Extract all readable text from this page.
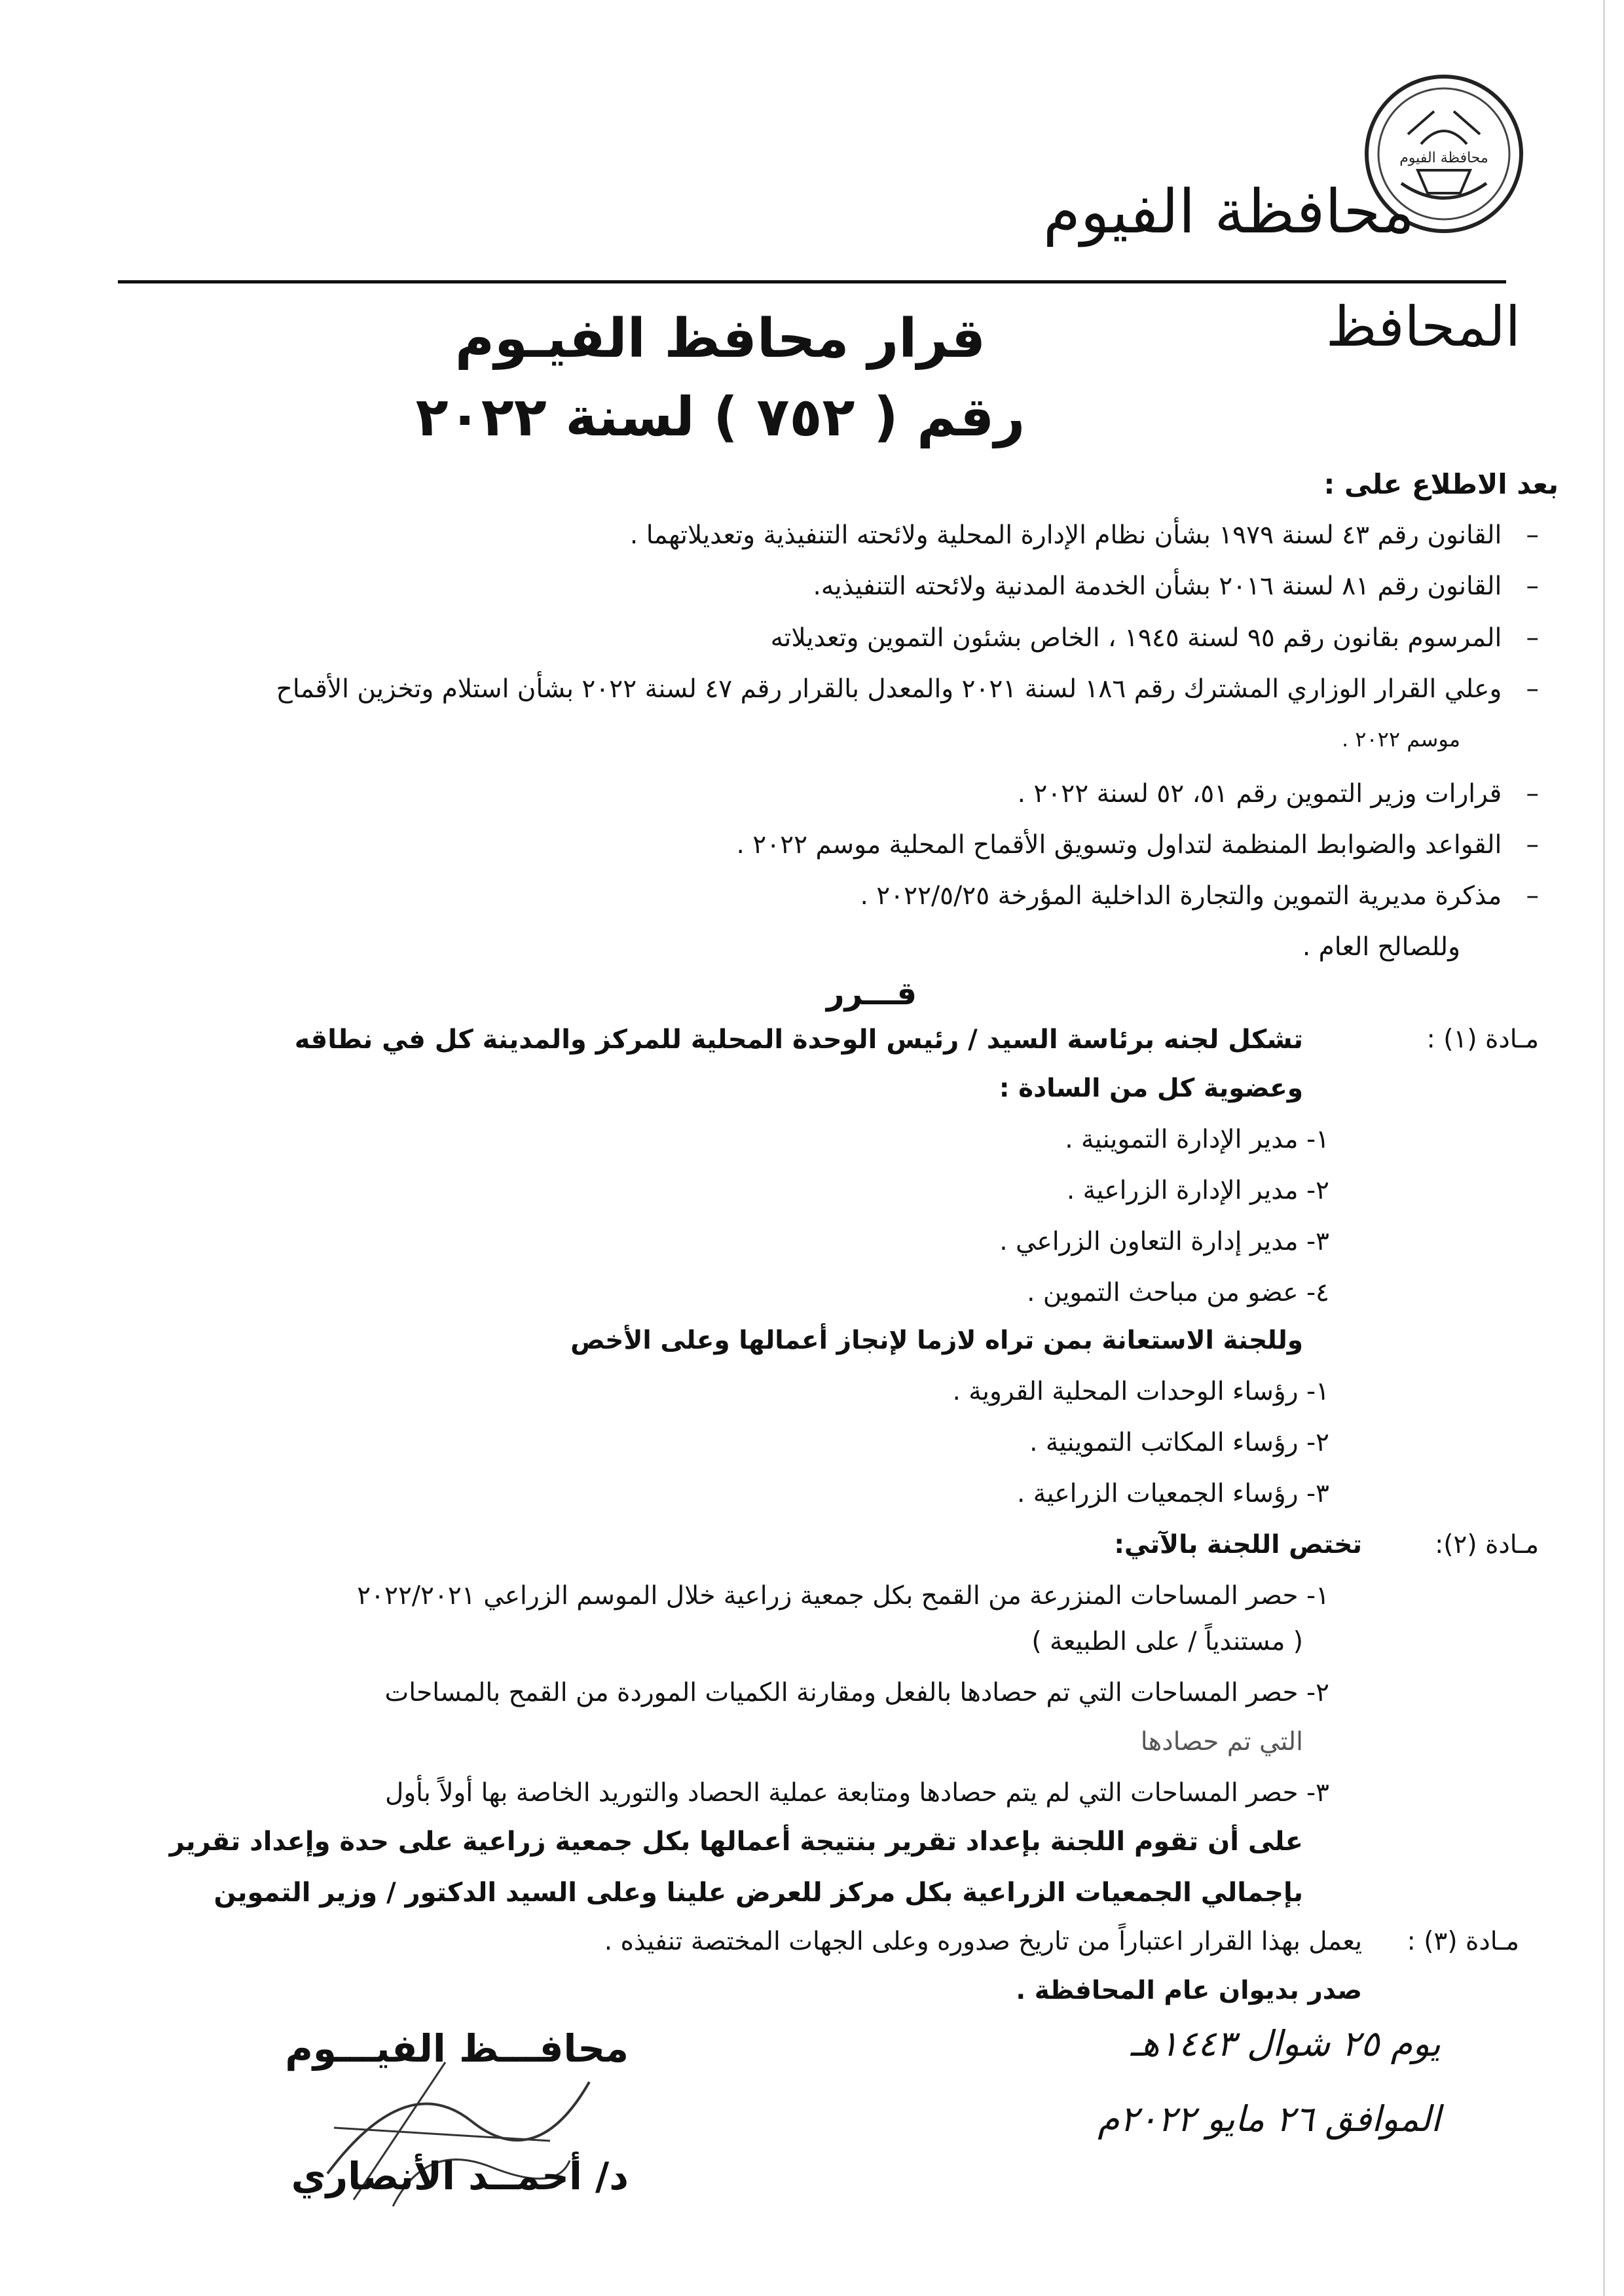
محافظة الفيوم
محافظة الفيوم
المحافظ
قرار محافظ الفيـوم
رقم ( ٧٥٢ ) لسنة ٢٠٢٢
بعد الاطلاع على :
–   القانون رقم ٤٣ لسنة ١٩٧٩ بشأن نظام الإدارة المحلية ولائحته التنفيذية وتعديلاتهما .
–   القانون رقم ٨١ لسنة ٢٠١٦ بشأن الخدمة المدنية ولائحته التنفيذيه.
–   المرسوم بقانون رقم ٩٥ لسنة ١٩٤٥ ، الخاص بشئون التموين وتعديلاته
–   وعلي القرار الوزاري المشترك رقم ١٨٦ لسنة ٢٠٢١ والمعدل بالقرار رقم ٤٧ لسنة ٢٠٢٢ بشأن استلام وتخزين الأقماح
موسم ٢٠٢٢ .
–   قرارات وزير التموين رقم ٥١، ٥٢ لسنة ٢٠٢٢ .
–   القواعد والضوابط المنظمة لتداول وتسويق الأقماح المحلية موسم ٢٠٢٢ .
–   مذكرة مديرية التموين والتجارة الداخلية المؤرخة ٢٠٢٢/٥/٢٥ .
وللصالح العام .
قـــرر
مـادة (١) :
تشكل لجنه برئاسة السيد / رئيس الوحدة المحلية للمركز والمدينة كل في نطاقه
وعضوية كل من السادة :
١- مدير الإدارة التموينية .
٢- مدير الإدارة الزراعية .
٣- مدير إدارة التعاون الزراعي .
٤- عضو من مباحث التموين .
وللجنة الاستعانة بمن تراه لازما لإنجاز أعمالها وعلى الأخص
١- رؤساء الوحدات المحلية القروية .
٢- رؤساء المكاتب التموينية .
٣- رؤساء الجمعيات الزراعية .
مـادة (٢):
تختص اللجنة بالآتي:
١- حصر المساحات المنزرعة من القمح بكل جمعية زراعية خلال الموسم الزراعي ٢٠٢٢/٢٠٢١
( مستندياً / على الطبيعة )
٢- حصر المساحات التي تم حصادها بالفعل ومقارنة الكميات الموردة من القمح بالمساحات
التي تم حصادها
٣- حصر المساحات التي لم يتم حصادها ومتابعة عملية الحصاد والتوريد الخاصة بها أولاً بأول
على أن تقوم اللجنة بإعداد تقرير بنتيجة أعمالها بكل جمعية زراعية على حدة وإعداد تقرير
بإجمالي الجمعيات الزراعية بكل مركز للعرض علينا وعلى السيد الدكتور / وزير التموين
مـادة (٣) :
يعمل بهذا القرار اعتباراً من تاريخ صدوره وعلى الجهات المختصة تنفيذه .
صدر بديوان عام المحافظة .
يوم ٢٥ شوال ١٤٤٣هـ
الموافق ٢٦ مايو ٢٠٢٢م
محافـــظ الفيـــوم
د/ أحمــد الأنصاري
